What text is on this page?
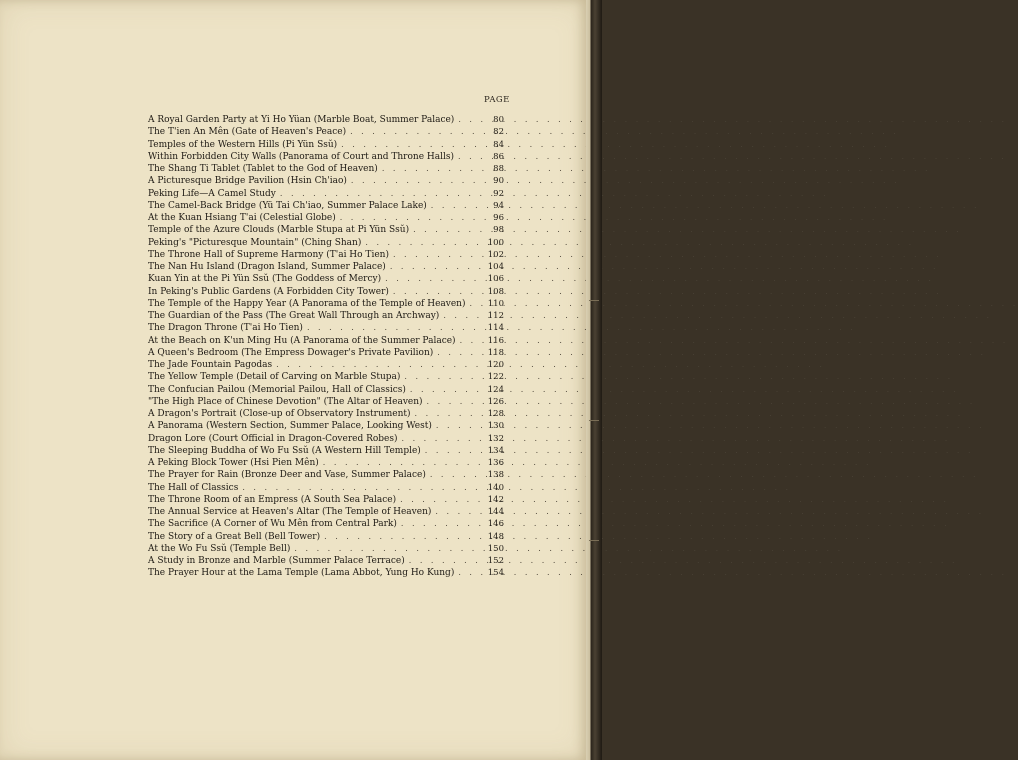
PAGE
A Royal Garden Party at Yi Ho Yüan (Marble Boat, Summer Palace) . . .	80
The T'ien An Mên (Gate of Heaven's Peace) . . .	82
Temples of the Western Hills (Pi Yün Ssŭ) . . .	84
Within Forbidden City Walls (Panorama of Court and Throne Halls) . . .	86
The Shang Ti Tablet (Tablet to the God of Heaven) . . .	88
A Picturesque Bridge Pavilion (Hsin Ch'iao) . . .	90
Peking Life—A Camel Study . . .	92
The Camel-Back Bridge (Yü Tai Ch'iao, Summer Palace Lake) . . .	94
At the Kuan Hsiang T'ai (Celestial Globe) . . .	96
Temple of the Azure Clouds (Marble Stupa at Pi Yün Ssŭ) . . .	98
Peking's "Picturesque Mountain" (Ching Shan) . . .	100
The Throne Hall of Supreme Harmony (T'ai Ho Tien) . . .	102
The Nan Hu Island (Dragon Island, Summer Palace) . . .	104
Kuan Yin at the Pi Yün Ssŭ (The Goddess of Mercy) . . .	106
In Peking's Public Gardens (A Forbidden City Tower) . . .	108
The Temple of the Happy Year (A Panorama of the Temple of Heaven) . . .	110
The Guardian of the Pass (The Great Wall Through an Archway) . . .	112
The Dragon Throne (T'ai Ho Tien) . . .	114
At the Beach on K'un Ming Hu (A Panorama of the Summer Palace) . . .	116
A Queen's Bedroom (The Empress Dowager's Private Pavilion) . . .	118
The Jade Fountain Pagodas . . .	120
The Yellow Temple (Detail of Carving on Marble Stupa) . . .	122
The Confucian Pailou (Memorial Pailou, Hall of Classics) . . .	124
"The High Place of Chinese Devotion" (The Altar of Heaven) . . .	126
A Dragon's Portrait (Close-up of Observatory Instrument) . . .	128
A Panorama (Western Section, Summer Palace, Looking West) . . .	130
Dragon Lore (Court Official in Dragon-Covered Robes) . . .	132
The Sleeping Buddha of Wo Fu Ssŭ (A Western Hill Temple) . . .	134
A Peking Block Tower (Hsi Pien Mên) . . .	136
The Prayer for Rain (Bronze Deer and Vase, Summer Palace) . . .	138
The Hall of Classics . . .	140
The Throne Room of an Empress (A South Sea Palace) . . .	142
The Annual Service at Heaven's Altar (The Temple of Heaven) . . .	144
The Sacrifice (A Corner of Wu Mên from Central Park) . . .	146
The Story of a Great Bell (Bell Tower) . . .	148
At the Wo Fu Ssŭ (Temple Bell) . . .	150
A Study in Bronze and Marble (Summer Palace Terrace) . . .	152
The Prayer Hour at the Lama Temple (Lama Abbot, Yung Ho Kung) . . .	154
